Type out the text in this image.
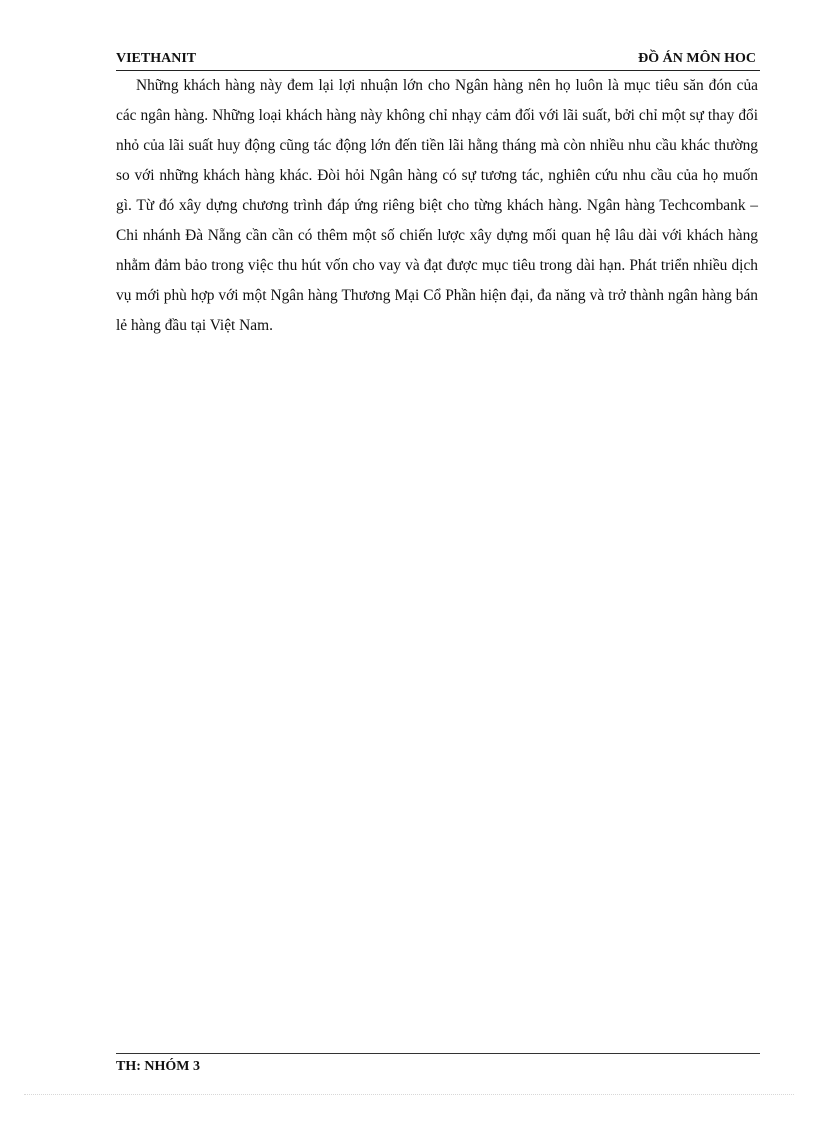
VIETHANIT	ĐỒ ÁN MÔN HOC

Những khách hàng này đem lại lợi nhuận lớn cho Ngân hàng nên họ luôn là mục tiêu săn đón của các ngân hàng. Những loại khách hàng này không chỉ nhạy cảm đối với lãi suất, bởi chỉ một sự thay đổi nhỏ của lãi suất huy động cũng tác động lớn đến tiền lãi hằng tháng mà còn nhiều nhu cầu khác thường so với những khách hàng khác. Đòi hỏi Ngân hàng có sự tương tác, nghiên cứu nhu cầu của họ muốn gì. Từ đó xây dựng chương trình đáp ứng riêng biệt cho từng khách hàng. Ngân hàng Techcombank – Chi nhánh Đà Nẵng cần cần có thêm một số chiến lược xây dựng mối quan hệ lâu dài với khách hàng nhằm đảm bảo trong việc thu hút vốn cho vay và đạt được mục tiêu trong dài hạn. Phát triển nhiều dịch vụ mới phù hợp với một Ngân hàng Thương Mại Cổ Phần hiện đại, đa năng và trở thành ngân hàng bán lẻ hàng đầu tại Việt Nam.

TH: NHÓM 3
